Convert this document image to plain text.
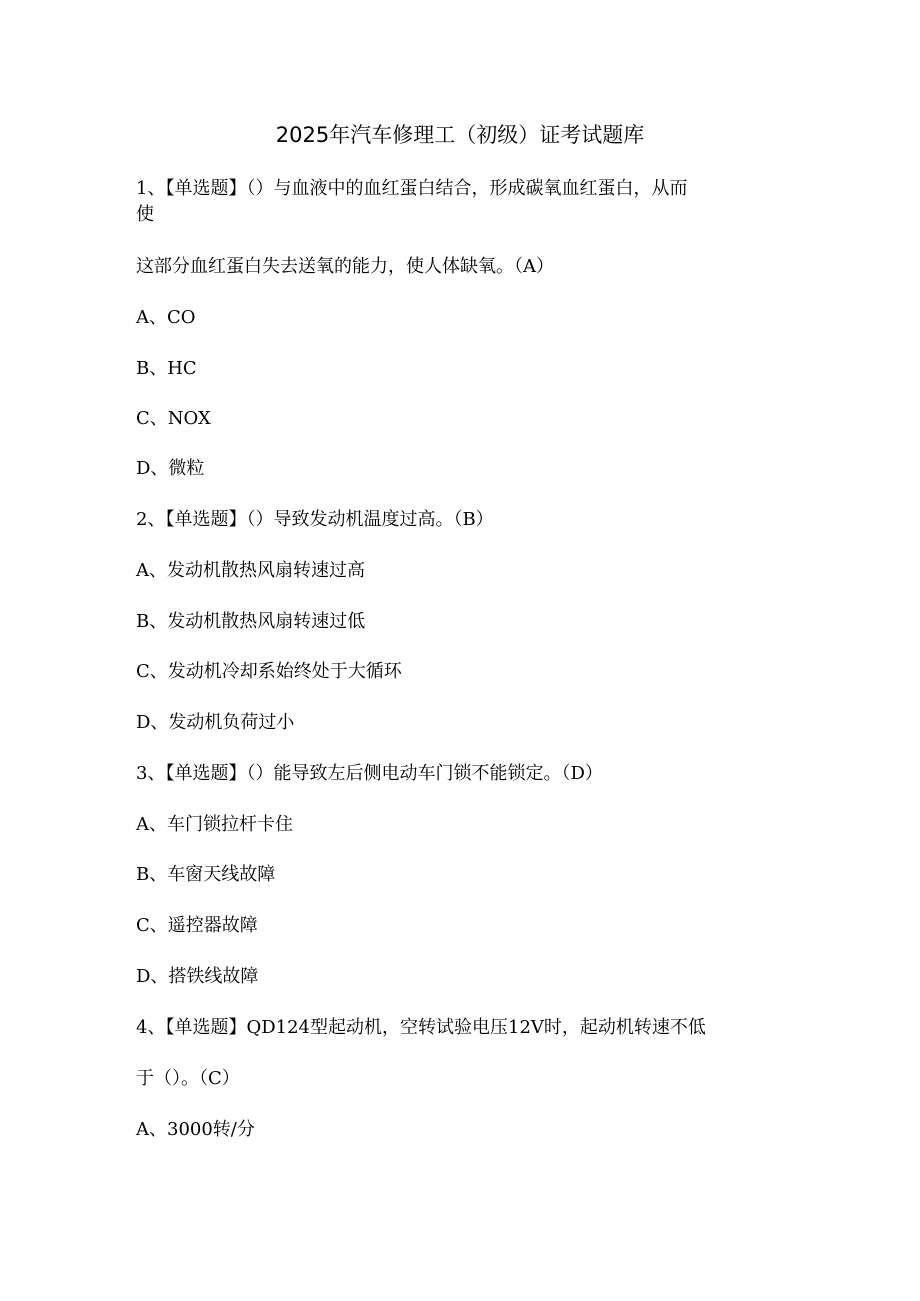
2025年汽车修理工（初级）证考试题库
1、【单选题】（）与血液中的血红蛋白结合，形成碳氧血红蛋白，从而
使
这部分血红蛋白失去送氧的能力，使人体缺氧。（A）
A、CO
B、HC
C、NOX
D、微粒
2、【单选题】（）导致发动机温度过高。（B）
A、发动机散热风扇转速过高
B、发动机散热风扇转速过低
C、发动机冷却系始终处于大循环
D、发动机负荷过小
3、【单选题】（）能导致左后侧电动车门锁不能锁定。（D）
A、车门锁拉杆卡住
B、车窗天线故障
C、遥控器故障
D、搭铁线故障
4、【单选题】QD124型起动机，空转试验电压12V时，起动机转速不低
于（）。（C）
A、3000转/分
